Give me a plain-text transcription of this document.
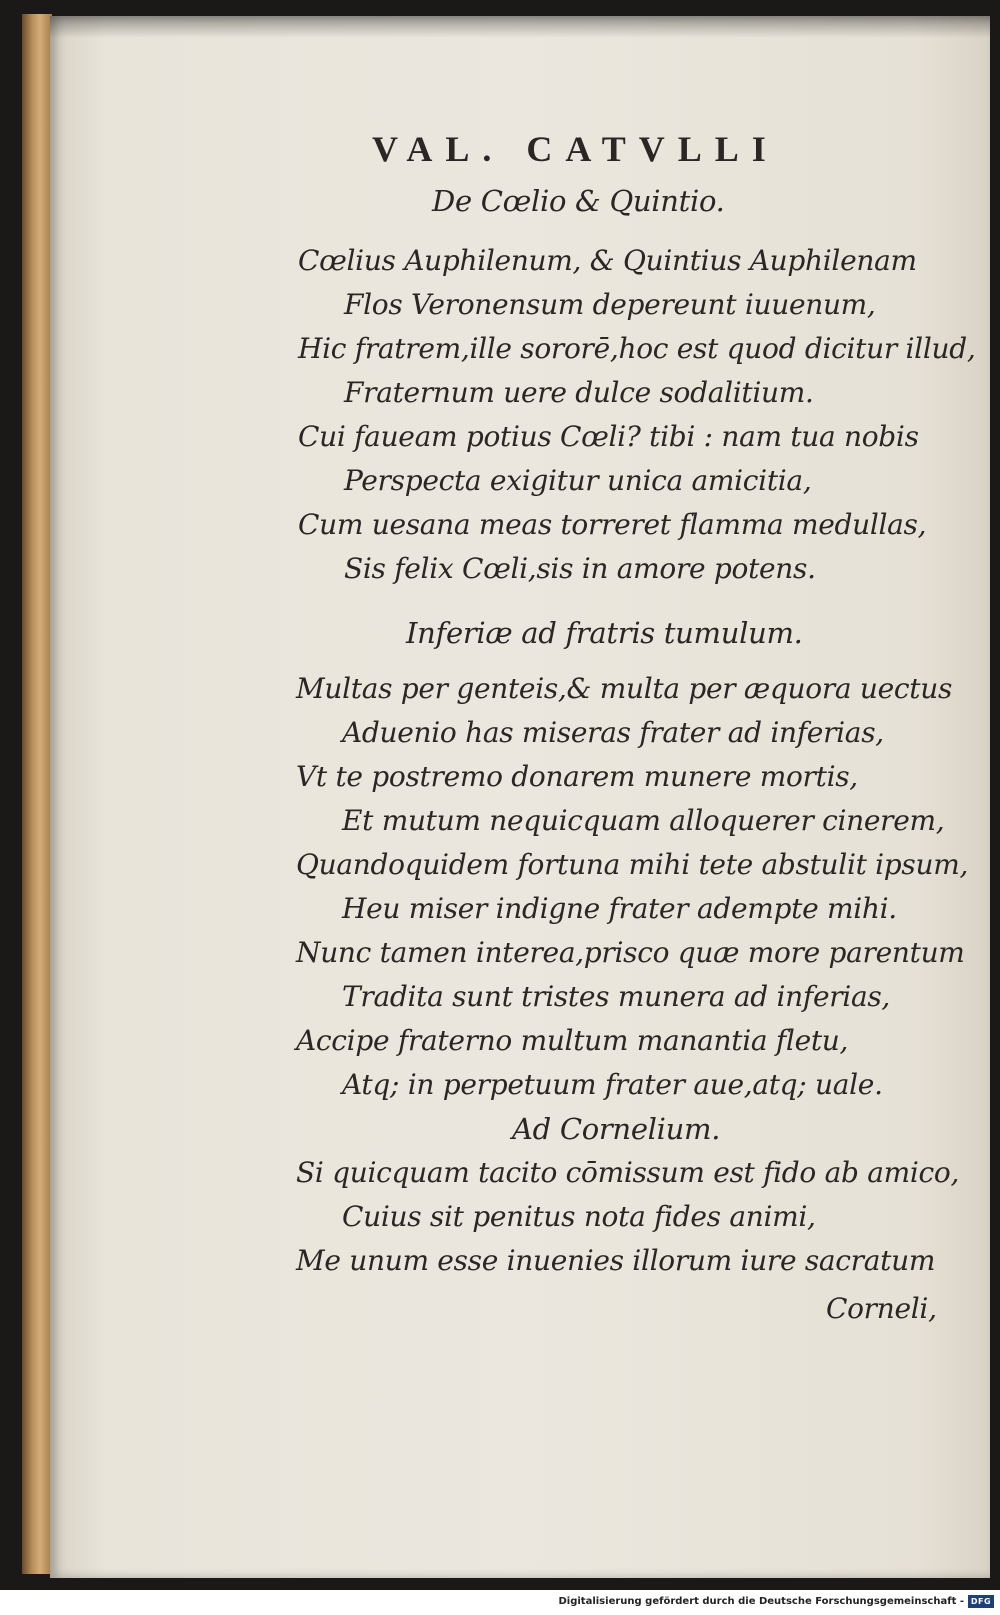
VAL. CATVLLI
De Cœlio & Quintio.
Cœlius Auphilenum, & Quintius Auphilenam
Flos Veronensum depereunt iuuenum,
Hic fratrem,ille sororē,hoc est quod dicitur illud,
Fraternum uere dulce sodalitium.
Cui faueam potius Cœli? tibi : nam tua nobis
Perspecta exigitur unica amicitia,
Cum uesana meas torreret flamma medullas,
Sis felix Cœli,sis in amore potens.
Inferiæ ad fratris tumulum.
Multas per genteis,& multa per æquora uectus
Aduenio has miseras frater ad inferias,
Vt te postremo donarem munere mortis,
Et mutum nequicquam alloquerer cinerem,
Quandoquidem fortuna mihi tete abstulit ipsum,
Heu miser indigne frater adempte mihi.
Nunc tamen interea,prisco quæ more parentum
Tradita sunt tristes munera ad inferias,
Accipe fraterno multum manantia fletu,
Atq; in perpetuum frater aue,atq; uale.
Ad Cornelium.
Si quicquam tacito cōmissum est fido ab amico,
Cuius sit penitus nota fides animi,
Me unum esse inuenies illorum iure sacratum
Corneli,
Digitalisierung gefördert durch die Deutsche Forschungsgemeinschaft - DFG
